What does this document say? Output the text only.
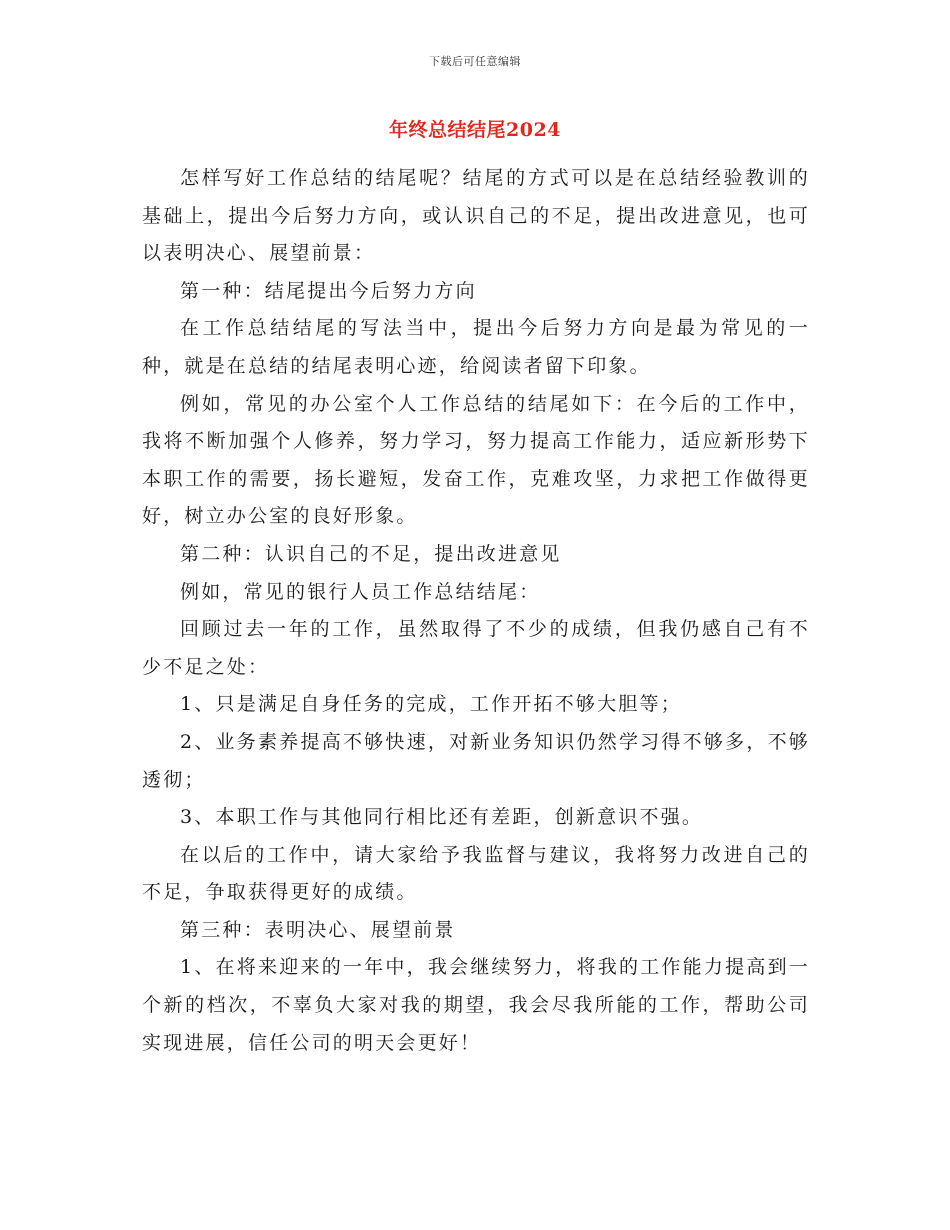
下载后可任意编辑
年终总结结尾2024

怎样写好工作总结的结尾呢？结尾的方式可以是在总结经验教训的基础上，提出今后努力方向，或认识自己的不足，提出改进意见，也可以表明决心、展望前景：

第一种：结尾提出今后努力方向

在工作总结结尾的写法当中，提出今后努力方向是最为常见的一种，就是在总结的结尾表明心迹，给阅读者留下印象。

例如，常见的办公室个人工作总结的结尾如下：在今后的工作中，我将不断加强个人修养，努力学习，努力提高工作能力，适应新形势下本职工作的需要，扬长避短，发奋工作，克难攻坚，力求把工作做得更好，树立办公室的良好形象。

第二种：认识自己的不足，提出改进意见

例如，常见的银行人员工作总结结尾：

回顾过去一年的工作，虽然取得了不少的成绩，但我仍感自己有不少不足之处：

1、只是满足自身任务的完成，工作开拓不够大胆等；

2、业务素养提高不够快速，对新业务知识仍然学习得不够多，不够透彻；

3、本职工作与其他同行相比还有差距，创新意识不强。

在以后的工作中，请大家给予我监督与建议，我将努力改进自己的不足，争取获得更好的成绩。

第三种：表明决心、展望前景

1、在将来迎来的一年中，我会继续努力，将我的工作能力提高到一个新的档次，不辜负大家对我的期望，我会尽我所能的工作，帮助公司实现进展，信任公司的明天会更好！
